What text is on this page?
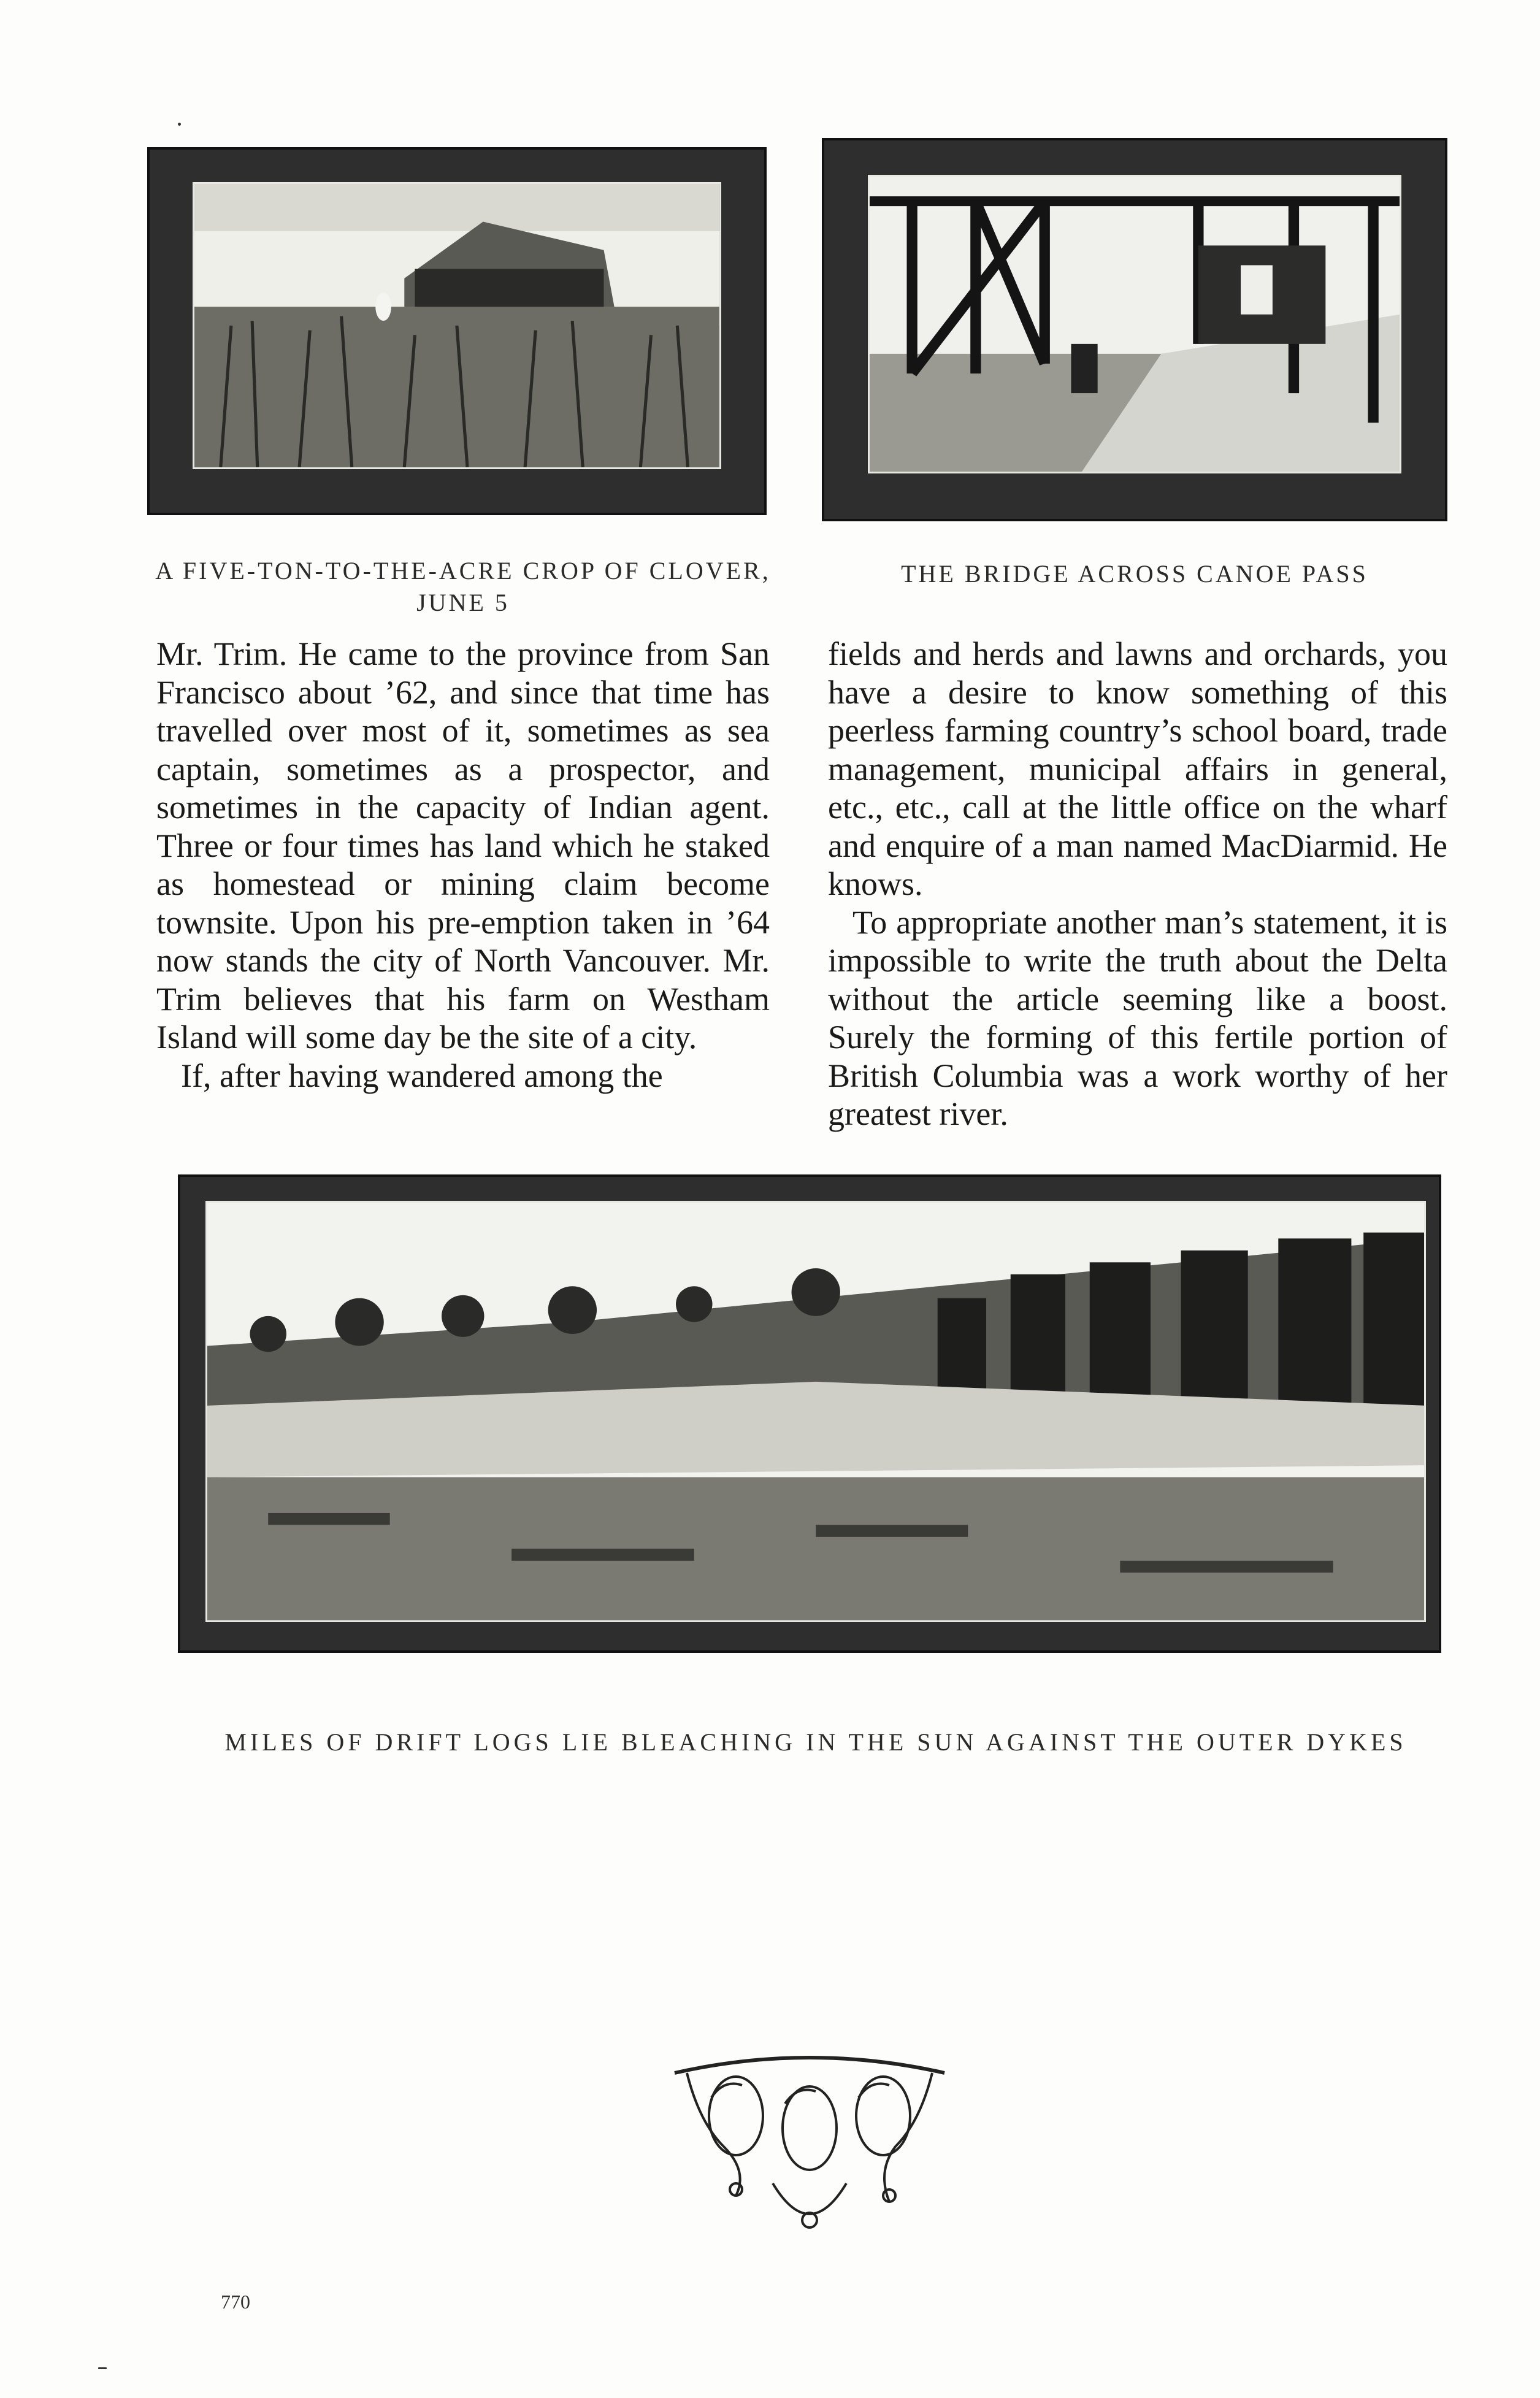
A FIVE-TON-TO-THE-ACRE CROP OF CLOVER, JUNE 5
THE BRIDGE ACROSS CANOE PASS

Mr. Trim. He came to the province from San Francisco about ’62, and since that time has travelled over most of it, sometimes as sea captain, sometimes as a prospector, and sometimes in the capacity of Indian agent. Three or four times has land which he staked as homestead or mining claim become townsite. Upon his pre-emption taken in ’64 now stands the city of North Vancouver. Mr. Trim believes that his farm on Westham Island will some day be the site of a city.

If, after having wandered among the

fields and herds and lawns and orchards, you have a desire to know something of this peerless farming country’s school board, trade management, municipal affairs in general, etc., etc., call at the little office on the wharf and enquire of a man named MacDiarmid. He knows.

To appropriate another man’s statement, it is impossible to write the truth about the Delta without the article seeming like a boost. Surely the forming of this fertile portion of British Columbia was a work worthy of her greatest river.

MILES OF DRIFT LOGS LIE BLEACHING IN THE SUN AGAINST THE OUTER DYKES
770
